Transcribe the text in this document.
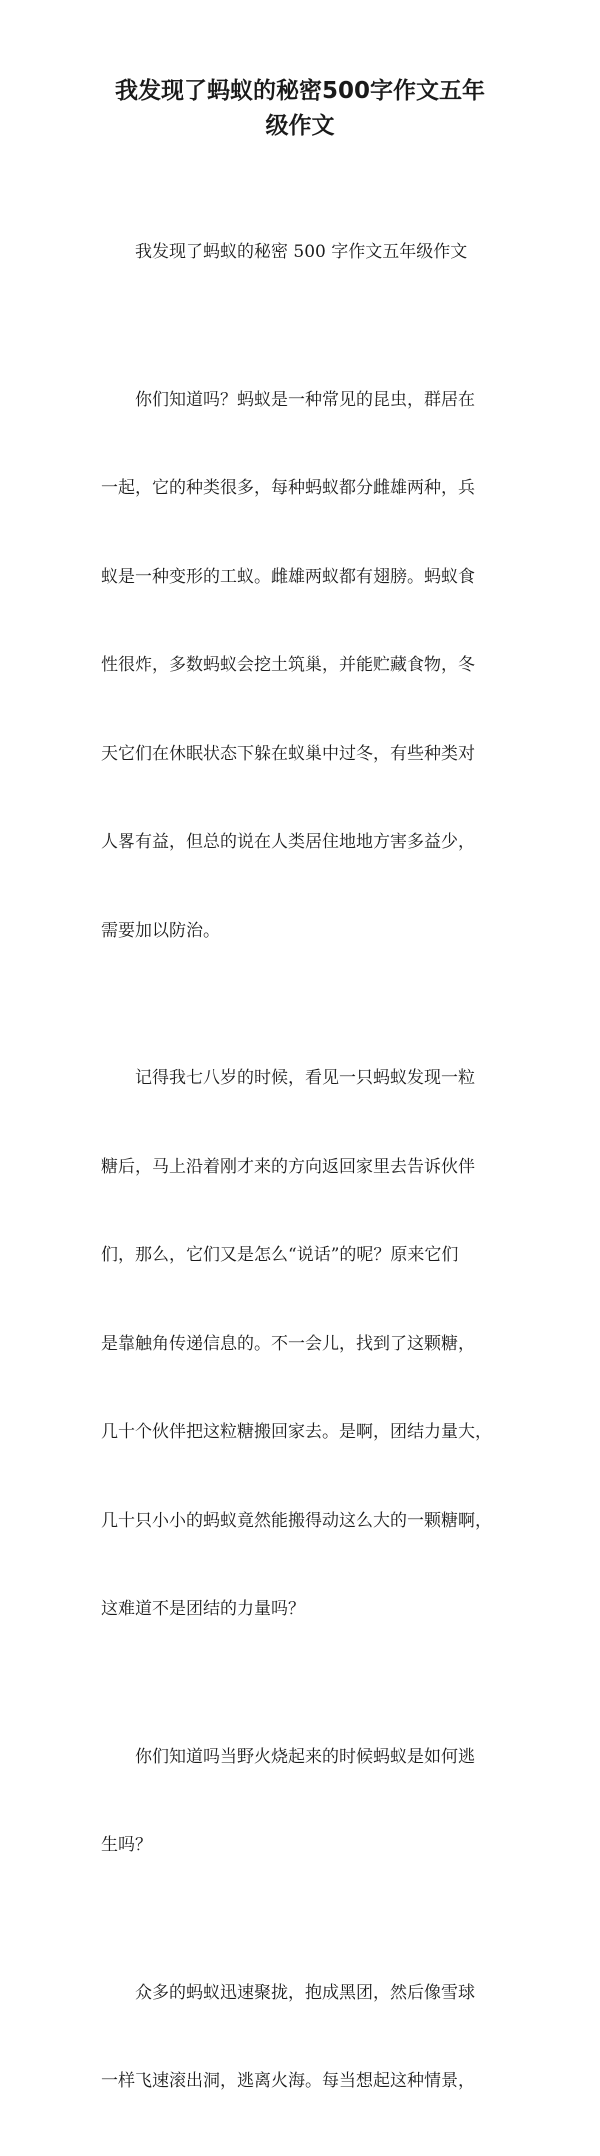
我发现了蚂蚁的秘密500字作文五年
级作文

我发现了蚂蚁的秘密 500 字作文五年级作文

你们知道吗？蚂蚁是一种常见的昆虫，群居在

一起，它的种类很多，每种蚂蚁都分雌雄两种，兵

蚁是一种变形的工蚁。雌雄两蚁都有翅膀。蚂蚁食

性很炸，多数蚂蚁会挖土筑巢，并能贮藏食物，冬

天它们在休眠状态下躲在蚁巢中过冬，有些种类对

人畧有益，但总的说在人类居住地地方害多益少，

需要加以防治。

记得我七八岁的时候，看见一只蚂蚁发现一粒

糖后，马上沿着刚才来的方向返回家里去告诉伙伴

们，那么，它们又是怎么“说话”的呢？原来它们

是靠触角传递信息的。不一会儿，找到了这颗糖，

几十个伙伴把这粒糖搬回家去。是啊，团结力量大，

几十只小小的蚂蚁竟然能搬得动这么大的一颗糖啊，

这难道不是团结的力量吗？

你们知道吗当野火烧起来的时候蚂蚁是如何逃

生吗？

众多的蚂蚁迅速聚拢，抱成黑团，然后像雪球

一样飞速滚出洞，逃离火海。每当想起这种情景，
